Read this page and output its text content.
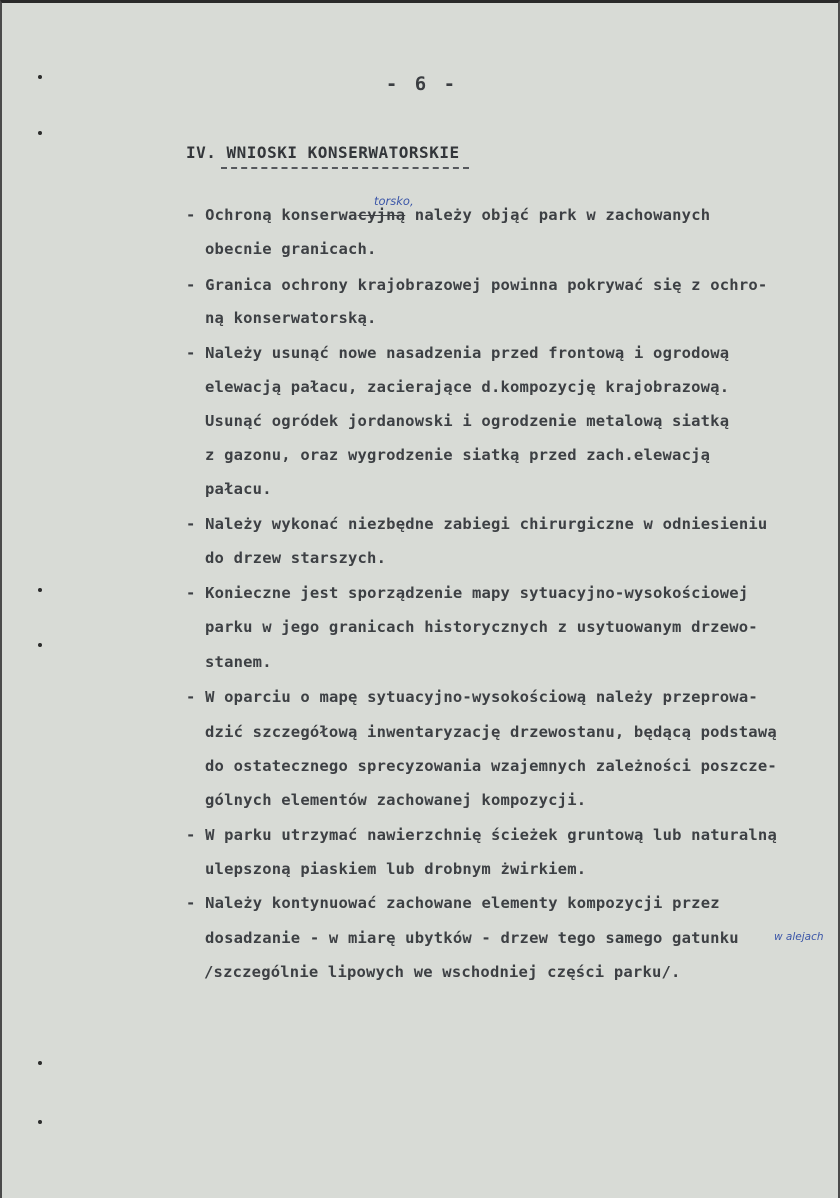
- 6 -
IV. WNIOSKI KONSERWATORSKIE
torsko,
- Ochroną konserwacyjną należy objąć park w zachowanych
obecnie granicach.
- Granica ochrony krajobrazowej powinna pokrywać się z ochro-
ną konserwatorską.
- Należy usunąć nowe nasadzenia przed frontową i ogrodową
elewacją pałacu, zacierające d.kompozycję krajobrazową.
Usunąć ogródek jordanowski i ogrodzenie metalową siatką
z gazonu, oraz wygrodzenie siatką przed zach.elewacją
pałacu.
- Należy wykonać niezbędne zabiegi chirurgiczne w odniesieniu
do drzew starszych.
- Konieczne jest sporządzenie mapy sytuacyjno-wysokościowej
parku w jego granicach historycznych z usytuowanym drzewo-
stanem.
- W oparciu o mapę sytuacyjno-wysokościową należy przeprowa-
dzić szczegółową inwentaryzację drzewostanu, będącą podstawą
do ostatecznego sprecyzowania wzajemnych zależności poszcze-
gólnych elementów zachowanej kompozycji.
- W parku utrzymać nawierzchnię ścieżek gruntową lub naturalną
ulepszoną piaskiem lub drobnym żwirkiem.
- Należy kontynuować zachowane elementy kompozycji przez
dosadzanie - w miarę ubytków - drzew tego samego gatunku	w alejach
/szczególnie lipowych we wschodniej części parku/.
